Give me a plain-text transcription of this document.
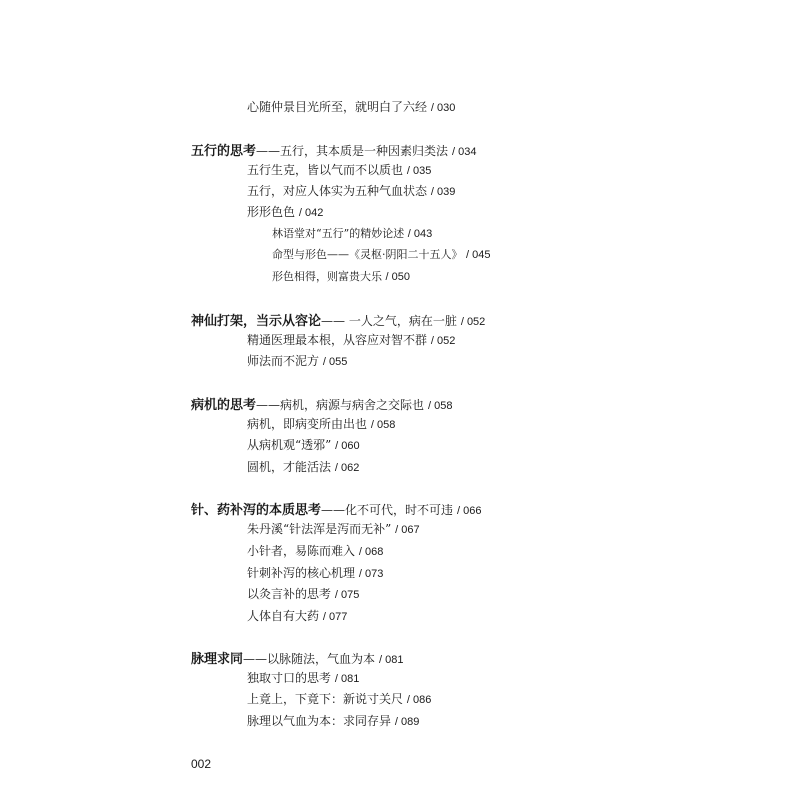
心随仲景目光所至，就明白了六经 / 030
五行的思考——五行，其本质是一种因素归类法 / 034
五行生克，皆以气而不以质也 / 035
五行，对应人体实为五种气血状态 / 039
形形色色 / 042
林语堂对“五行”的精妙论述 / 043
命型与形色——《灵枢·阴阳二十五人》 / 045
形色相得，则富贵大乐 / 050
神仙打架，当示从容论—— 一人之气，病在一脏 / 052
精通医理最本根，从容应对智不群 / 052
师法而不泥方 / 055
病机的思考——病机，病源与病舍之交际也 / 058
病机，即病变所由出也 / 058
从病机观“透邪” / 060
圆机，才能活法 / 062
针、药补泻的本质思考——化不可代，时不可违 / 066
朱丹溪“针法浑是泻而无补” / 067
小针者，易陈而难入 / 068
针刺补泻的核心机理 / 073
以灸言补的思考 / 075
人体自有大药 / 077
脉理求同——以脉随法，气血为本 / 081
独取寸口的思考 / 081
上竟上，下竟下：新说寸关尺 / 086
脉理以气血为本：求同存异 / 089
002
